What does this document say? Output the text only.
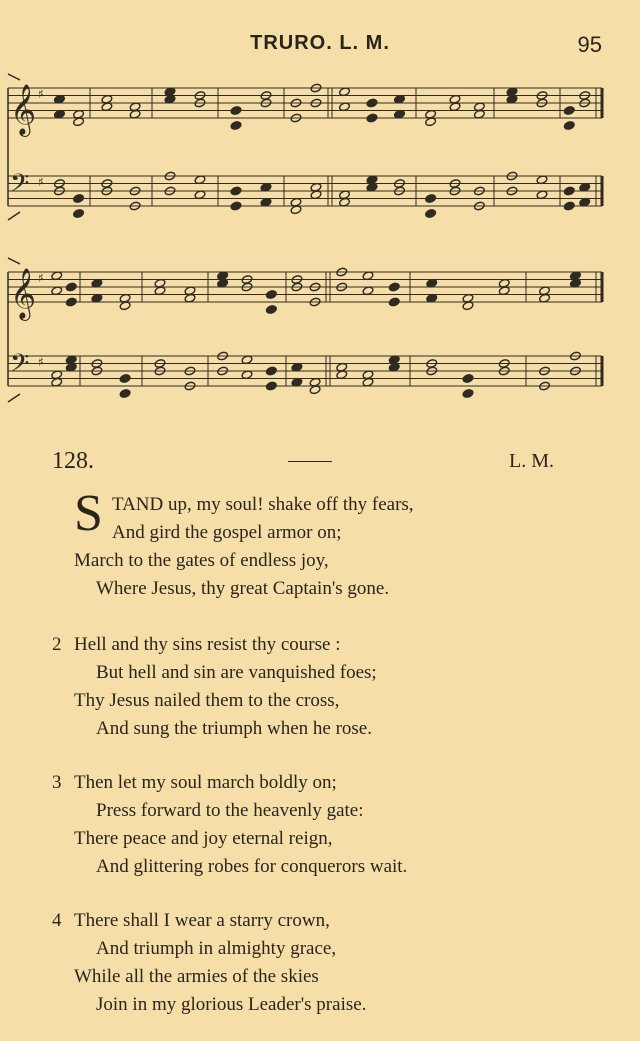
TRURO. L. M.	95
𝄞 ♯
𝄢 ♯
𝄞 ♯
𝄢 ♯
128.	L. M.
S TAND up, my soul! shake off thy fears,
And gird the gospel armor on;
March to the gates of endless joy,
Where Jesus, thy great Captain's gone.
2 Hell and thy sins resist thy course :
But hell and sin are vanquished foes;
Thy Jesus nailed them to the cross,
And sung the triumph when he rose.
3 Then let my soul march boldly on;
Press forward to the heavenly gate:
There peace and joy eternal reign,
And glittering robes for conquerors wait.
4 There shall I wear a starry crown,
And triumph in almighty grace,
While all the armies of the skies
Join in my glorious Leader's praise.
